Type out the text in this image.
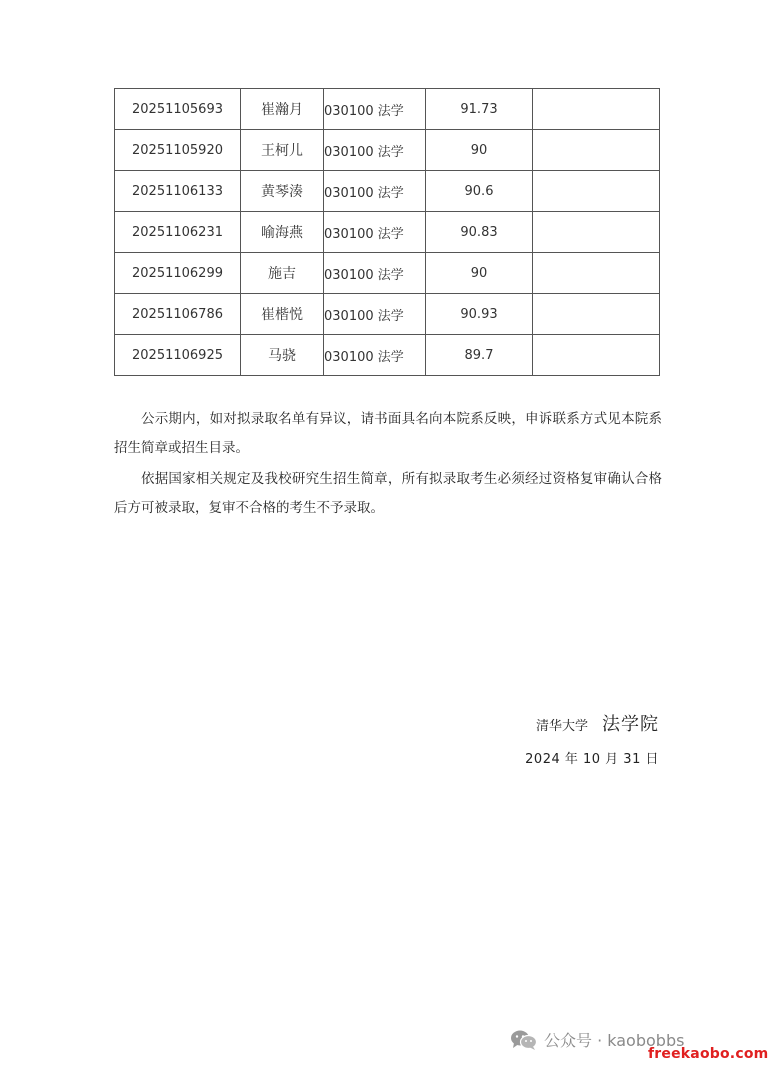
20251105693	崔瀚月	030100 法学	91.73	
20251105920	王柯儿	030100 法学	90	
20251106133	黄琴湊	030100 法学	90.6	
20251106231	喻海燕	030100 法学	90.83	
20251106299	施吉	030100 法学	90	
20251106786	崔楷悦	030100 法学	90.93	
20251106925	马骁	030100 法学	89.7	

公示期内，如对拟录取名单有异议，请书面具名向本院系反映，申诉联系方式见本院系招生简章或招生目录。

依据国家相关规定及我校研究生招生简章，所有拟录取考生必须经过资格复审确认合格后方可被录取，复审不合格的考生不予录取。

清华大学 法学院
2024 年 10 月 31 日
公众号 · kaobobbs
freekaobo.com
